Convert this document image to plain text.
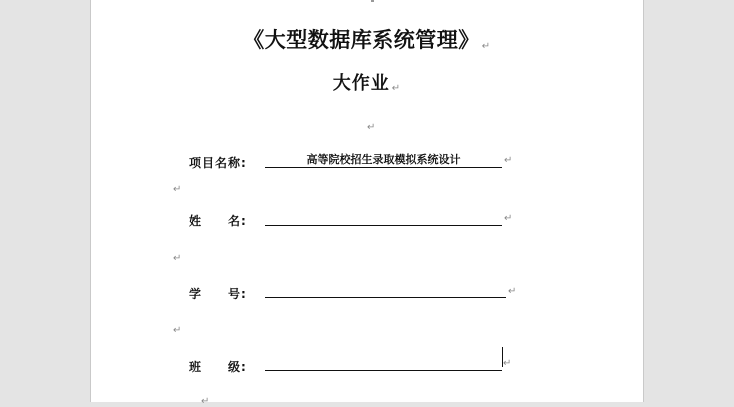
《大型数据库系统管理》 ↵
大作业 ↵
↵
项目名称:	高等院校招生录取模拟系统设计	↵
↵
姓　　名:	↵
↵
学　　号:	↵
↵
班　　级:	↵
↵
